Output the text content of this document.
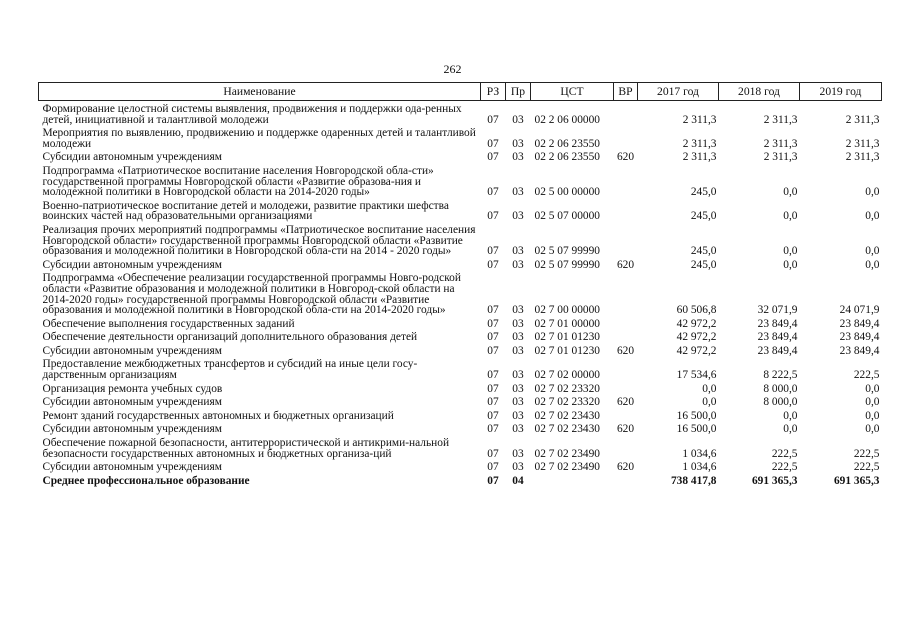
262
Наименование	РЗ	Пр	ЦСТ	ВР	2017 год	2018 год	2019 год
Формирование целостной системы выявления, продвижения и поддержки ода-ренных детей, инициативной и талантливой молодежи	07	03	02 2 06 00000		2 311,3	2 311,3	2 311,3
Мероприятия по выявлению, продвижению и поддержке одаренных детей и талантливой молодежи	07	03	02 2 06 23550		2 311,3	2 311,3	2 311,3
Субсидии автономным учреждениям	07	03	02 2 06 23550	620	2 311,3	2 311,3	2 311,3
Подпрограмма «Патриотическое воспитание населения Новгородской обла-сти» государственной программы Новгородской области «Развитие образова-ния и молодежной политики в Новгородской области на 2014-2020 годы»	07	03	02 5 00 00000		245,0	0,0	0,0
Военно-патриотическое воспитание детей и молодежи, развитие практики шефства воинских частей над образовательными организациями	07	03	02 5 07 00000		245,0	0,0	0,0
Реализация прочих мероприятий подпрограммы «Патриотическое воспитание населения Новгородской области» государственной программы Новгородской области «Развитие образования и молодежной политики в Новгородской обла-сти на 2014 - 2020 годы»	07	03	02 5 07 99990		245,0	0,0	0,0
Субсидии автономным учреждениям	07	03	02 5 07 99990	620	245,0	0,0	0,0
Подпрограмма «Обеспечение реализации государственной программы Новго-родской области «Развитие образования и молодежной политики в Новгород-ской области на 2014-2020 годы» государственной программы Новгородской области «Развитие образования и молодежной политики в Новгородской обла-сти на 2014-2020 годы»	07	03	02 7 00 00000		60 506,8	32 071,9	24 071,9
Обеспечение выполнения государственных заданий	07	03	02 7 01 00000		42 972,2	23 849,4	23 849,4
Обеспечение деятельности организаций дополнительного образования детей	07	03	02 7 01 01230		42 972,2	23 849,4	23 849,4
Субсидии автономным учреждениям	07	03	02 7 01 01230	620	42 972,2	23 849,4	23 849,4
Предоставление межбюджетных трансфертов и субсидий на иные цели госу-дарственным организациям	07	03	02 7 02 00000		17 534,6	8 222,5	222,5
Организация ремонта учебных судов	07	03	02 7 02 23320		0,0	8 000,0	0,0
Субсидии автономным учреждениям	07	03	02 7 02 23320	620	0,0	8 000,0	0,0
Ремонт зданий государственных автономных и бюджетных организаций	07	03	02 7 02 23430		16 500,0	0,0	0,0
Субсидии автономным учреждениям	07	03	02 7 02 23430	620	16 500,0	0,0	0,0
Обеспечение пожарной безопасности, антитеррористической и антикрими-нальной безопасности государственных автономных и бюджетных организа-ций	07	03	02 7 02 23490		1 034,6	222,5	222,5
Субсидии автономным учреждениям	07	03	02 7 02 23490	620	1 034,6	222,5	222,5
Среднее профессиональное образование	07	04			738 417,8	691 365,3	691 365,3
